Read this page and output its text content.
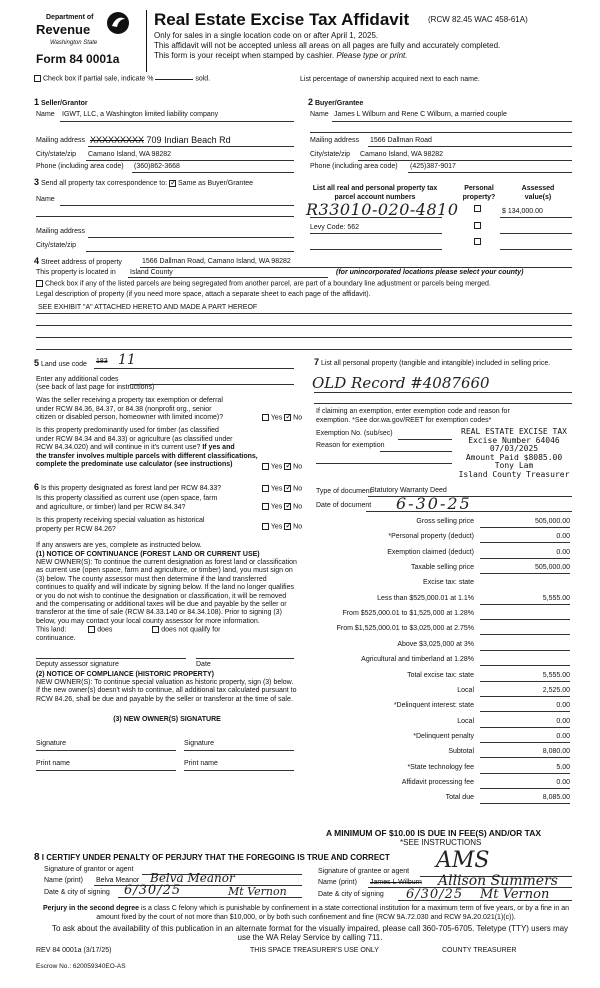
Department of
Revenue
Washington State
Form 84 0001a
Real Estate Excise Tax Affidavit (RCW 82.45 WAC 458-61A)
Only for sales in a single location code on or after April 1, 2025.
This affidavit will not be accepted unless all areas on all pages are fully and accurately completed.
This form is your receipt when stamped by cashier. Please type or print.
Check box if partial sale, indicate %	sold.	List percentage of ownership acquired next to each name.
1 Seller/Grantor
Name IGWT, LLC, a Washington limited liability company
Mailing address XXXXXXXXX 709 Indian Beach Rd
City/state/zip Camano Island, WA 98282
Phone (including area code) (360)862-3668
2 Buyer/Grantee
Name James L Wilburn and Rene C Wilburn, a married couple
Mailing address 1566 Dallman Road
City/state/zip Camano Island, WA 98282
Phone (including area code) (425)387-9017
3 Send all property tax correspondence to: ✓ Same as Buyer/Grantee
Name
Mailing address
City/state/zip
List all real and personal property tax parcel account numbers
Personal property?
Assessed value(s)
R33010-020-4810	$ 134,000.00
Levy Code: 562
4 Street address of property	1566 Dallman Road, Camano Island, WA 98282
This property is located in Island County	(for unincorporated locations please select your county)
Check box if any of the listed parcels are being segregated from another parcel, are part of a boundary line adjustment or parcels being merged.
Legal description of property (if you need more space, attach a separate sheet to each page of the affidavit).
SEE EXHIBIT "A" ATTACHED HERETO AND MADE A PART HEREOF
5 Land use code 183 11
Enter any additional codes
(see back of last page for instructions)
Was the seller receiving a property tax exemption or deferral
under RCW 84.36, 84.37, or 84.38 (nonprofit org., senior
citizen or disabled person, homeowner with limited income)?	Yes ✓ No
Is this property predominantly used for timber (as classified
under RCW 84.34 and 84.33) or agriculture (as classified under
RCW 84.34.020) and will continue in it's current use? If yes and
the transfer involves multiple parcels with different classifications,
complete the predominate use calculator (see instructions)	Yes ✓ No
6 Is this property designated as forest land per RCW 84.33?	Yes ✓ No
Is this property classified as current use (open space, farm
and agriculture, or timber) land per RCW 84.34?	Yes ✓ No
Is this property receiving special valuation as historical
property per RCW 84.26?	Yes ✓ No
If any answers are yes, complete as instructed below.
(1) NOTICE OF CONTINUANCE (FOREST LAND OR CURRENT USE)
NEW OWNER(S): To continue the current designation as forest land or classification as current use (open space, farm and agriculture, or timber) land, you must sign on (3) below. The county assessor must then determine if the land transferred continues to qualify and will indicate by signing below. If the land no longer qualifies or you do not wish to continue the designation or classification, it will be removed and the compensating or additional taxes will be due and payable by the seller or transferor at the time of sale (RCW 84.33.140 or 84.34.108). Prior to signing (3) below, you may contact your local county assessor for more information.
This land:	does	does not qualify for
continuance.
Deputy assessor signature	Date
(2) NOTICE OF COMPLIANCE (HISTORIC PROPERTY)
NEW OWNER(S): To continue special valuation as historic property, sign (3) below. If the new owner(s) doesn't wish to continue, all additional tax calculated pursuant to RCW 84.26, shall be due and payable by the seller or transferor at the time of sale.
(3) NEW OWNER(S) SIGNATURE
Signature	Signature
Print name	Print name
7 List all personal property (tangible and intangible) included in selling price.
OLD Record #4087660
If claiming an exemption, enter exemption code and reason for
exemption. *See dor.wa.gov/REET for exemption codes*
Exemption No. (sub/sec)
Reason for exemption
REAL ESTATE EXCISE TAX
Excise Number 64046
07/03/2025
Amount Paid $8085.00
Tony Lam
Island County Treasurer
Type of document
Statutory Warranty Deed
Date of document 6-30-25
Gross selling price	505,000.00
*Personal property (deduct)	0.00
Exemption claimed (deduct)	0.00
Taxable selling price	505,000.00
Excise tax: state
Less than $525,000.01 at 1.1%	5,555.00
From $525,000.01 to $1,525,000 at 1.28%
From $1,525,000.01 to $3,025,000 at 2.75%
Above $3,025,000 at 3%
Agricultural and timberland at 1.28%
Total excise tax: state	5,555.00
Local	2,525.00
*Delinquent interest: state	0.00
Local	0.00
*Delinquent penalty	0.00
Subtotal	8,080.00
*State technology fee	5.00
Affidavit processing fee	0.00
Total due	8,085.00
A MINIMUM OF $10.00 IS DUE IN FEE(S) AND/OR TAX
*SEE INSTRUCTIONS
8 I CERTIFY UNDER PENALTY OF PERJURY THAT THE FOREGOING IS TRUE AND CORRECT
Signature of grantor or agent
Name (print) Belva Meanor Belva Meanor
Date & city of signing 6/30/25	Mt Vernon
Signature of grantee or agent AMS
Name (print) James L Wilburn Allison Summers
Date & city of signing 6/30/25 Mt Vernon
Perjury in the second degree is a class C felony which is punishable by confinement in a state correctional institution for a maximum term of five years, or by a fine in an amount fixed by the court of not more than $10,000, or by both such confinement and fine (RCW 9A.72.030 and RCW 9A.20.021(1)(c)).
To ask about the availability of this publication in an alternate format for the visually impaired, please call 360-705-6705. Teletype (TTY) users may use the WA Relay Service by calling 711.
REV 84 0001a (3/17/25)	THIS SPACE TREASURER'S USE ONLY	COUNTY TREASURER
Escrow No.: 620059340EO-AS
